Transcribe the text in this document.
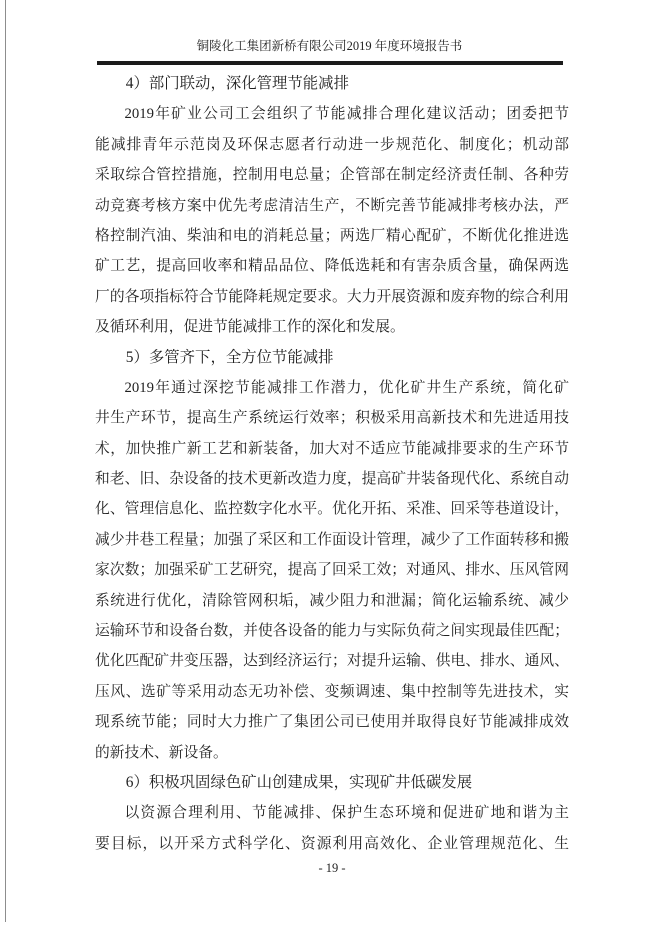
铜陵化工集团新桥有限公司2019 年度环境报告书
4）部门联动，深化管理节能减排
2019年矿业公司工会组织了节能减排合理化建议活动；团委把节
能减排青年示范岗及环保志愿者行动进一步规范化、制度化；机动部
采取综合管控措施，控制用电总量；企管部在制定经济责任制、各种劳
动竞赛考核方案中优先考虑清洁生产，不断完善节能减排考核办法，严
格控制汽油、柴油和电的消耗总量；两选厂精心配矿，不断优化推进选
矿工艺，提高回收率和精品品位、降低选耗和有害杂质含量，确保两选
厂的各项指标符合节能降耗规定要求。大力开展资源和废弃物的综合利用
及循环利用，促进节能减排工作的深化和发展。
5）多管齐下，全方位节能减排
2019年通过深挖节能减排工作潜力，优化矿井生产系统，简化矿
井生产环节，提高生产系统运行效率；积极采用高新技术和先进适用技
术，加快推广新工艺和新装备，加大对不适应节能减排要求的生产环节
和老、旧、杂设备的技术更新改造力度，提高矿井装备现代化、系统自动
化、管理信息化、监控数字化水平。优化开拓、采准、回采等巷道设计，
减少井巷工程量；加强了采区和工作面设计管理，减少了工作面转移和搬
家次数；加强采矿工艺研究，提高了回采工效；对通风、排水、压风管网
系统进行优化，清除管网积垢，减少阻力和泄漏；简化运输系统、减少
运输环节和设备台数，并使各设备的能力与实际负荷之间实现最佳匹配；
优化匹配矿井变压器，达到经济运行；对提升运输、供电、排水、通风、
压风、选矿等采用动态无功补偿、变频调速、集中控制等先进技术，实
现系统节能；同时大力推广了集团公司已使用并取得良好节能减排成效
的新技术、新设备。
6）积极巩固绿色矿山创建成果，实现矿井低碳发展
以资源合理利用、节能减排、保护生态环境和促进矿地和谐为主
要目标，以开采方式科学化、资源利用高效化、企业管理规范化、生
- 19 -
